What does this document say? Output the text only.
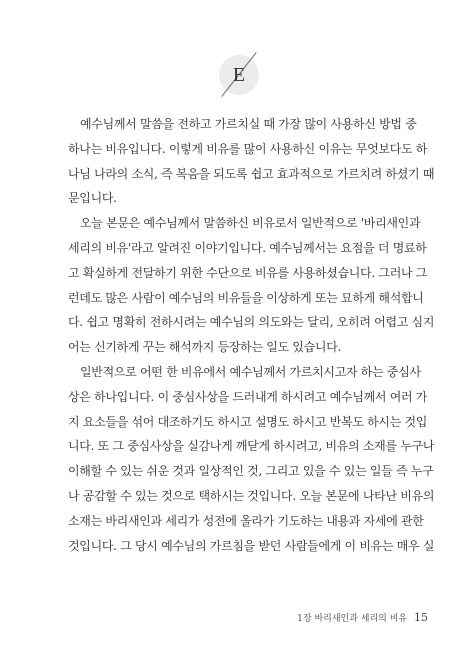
E
예수님께서 말씀을 전하고 가르치실 때 가장 많이 사용하신 방법 중
하나는 비유입니다. 이렇게 비유를 많이 사용하신 이유는 무엇보다도 하
나님 나라의 소식, 즉 복음을 되도록 쉽고 효과적으로 가르치려 하셨기 때
문입니다.
오늘 본문은 예수님께서 말씀하신 비유로서 일반적으로 '바리새인과
세리의 비유'라고 알려진 이야기입니다. 예수님께서는 요점을 더 명료하
고 확실하게 전달하기 위한 수단으로 비유를 사용하셨습니다. 그러나 그
런데도 많은 사람이 예수님의 비유들을 이상하게 또는 묘하게 해석합니
다. 쉽고 명확히 전하시려는 예수님의 의도와는 달리, 오히려 어렵고 심지
어는 신기하게 꾸는 해석까지 등장하는 일도 있습니다.
일반적으로 어떤 한 비유에서 예수님께서 가르치시고자 하는 중심사
상은 하나입니다. 이 중심사상을 드러내게 하시려고 예수님께서 여러 가
지 요소들을 섞어 대조하기도 하시고 설명도 하시고 반복도 하시는 것입
니다. 또 그 중심사상을 실감나게 깨닫게 하시려고, 비유의 소재를 누구나
이해할 수 있는 쉬운 것과 일상적인 것, 그리고 있을 수 있는 일들 즉 누구
나 공감할 수 있는 것으로 택하시는 것입니다. 오늘 본문에 나타난 비유의
소재는 바리새인과 세리가 성전에 올라가 기도하는 내용과 자세에 관한
것입니다. 그 당시 예수님의 가르침을 받던 사람들에게 이 비유는 매우 실
1장 바리새인과 세리의 비유 15
